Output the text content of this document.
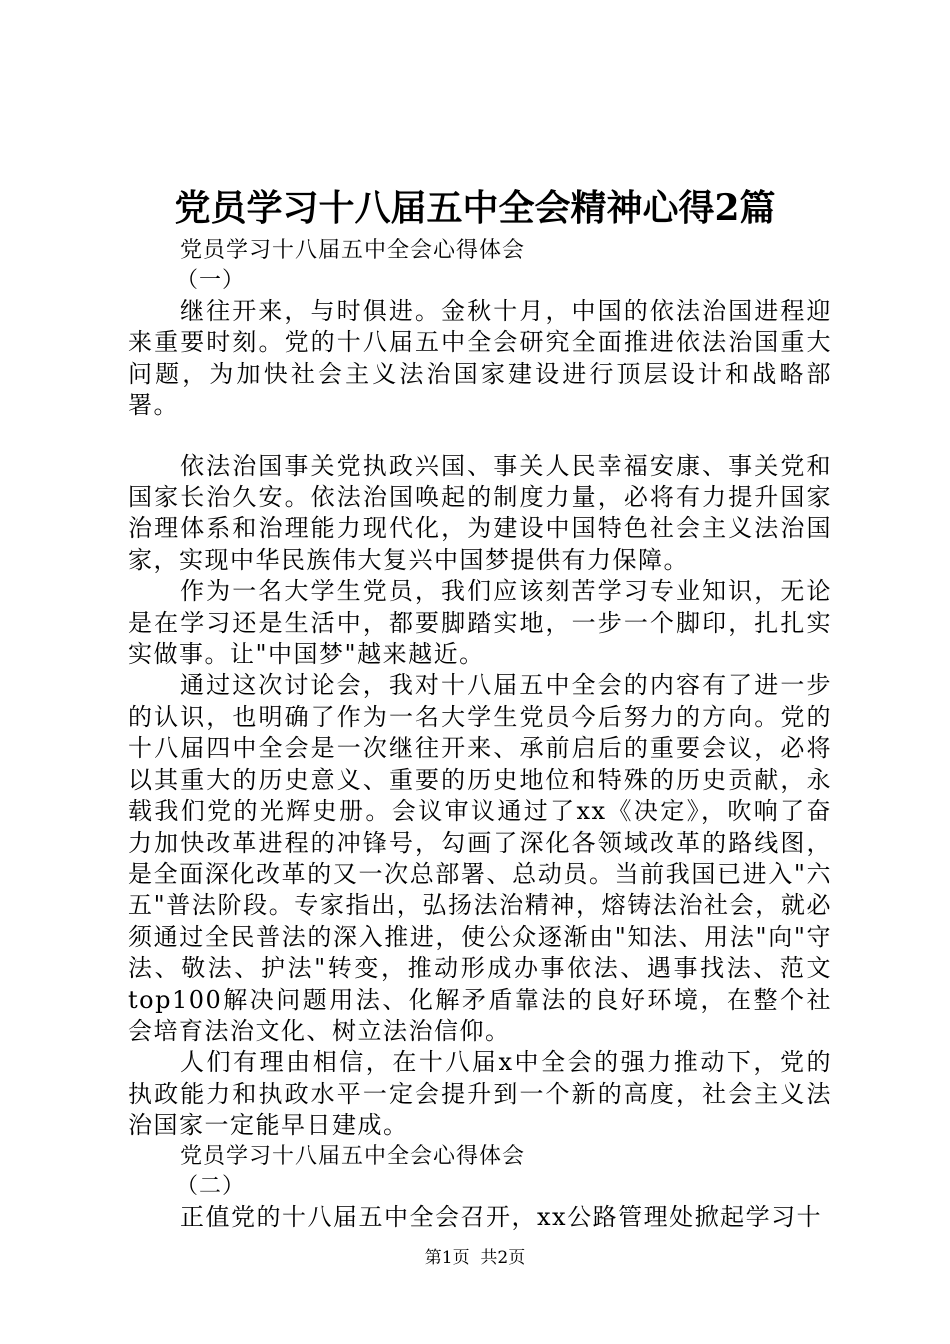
党员学习十八届五中全会精神心得2篇

党员学习十八届五中全会心得体会

（一）

继往开来，与时俱进。金秋十月，中国的依法治国进程迎来重要时刻。党的十八届五中全会研究全面推进依法治国重大问题，为加快社会主义法治国家建设进行顶层设计和战略部署。

依法治国事关党执政兴国、事关人民幸福安康、事关党和国家长治久安。依法治国唤起的制度力量，必将有力提升国家治理体系和治理能力现代化，为建设中国特色社会主义法治国家，实现中华民族伟大复兴中国梦提供有力保障。

作为一名大学生党员，我们应该刻苦学习专业知识，无论是在学习还是生活中，都要脚踏实地，一步一个脚印，扎扎实实做事。让"中国梦"越来越近。

通过这次讨论会，我对十八届五中全会的内容有了进一步的认识，也明确了作为一名大学生党员今后努力的方向。党的十八届四中全会是一次继往开来、承前启后的重要会议，必将以其重大的历史意义、重要的历史地位和特殊的历史贡献，永载我们党的光辉史册。会议审议通过了xx《决定》，吹响了奋力加快改革进程的冲锋号，勾画了深化各领域改革的路线图，是全面深化改革的又一次总部署、总动员。当前我国已进入"六五"普法阶段。专家指出，弘扬法治精神，熔铸法治社会，就必须通过全民普法的深入推进，使公众逐渐由"知法、用法"向"守法、敬法、护法"转变，推动形成办事依法、遇事找法、范文top100解决问题用法、化解矛盾靠法的良好环境，在整个社会培育法治文化、树立法治信仰。

人们有理由相信，在十八届x中全会的强力推动下，党的执政能力和执政水平一定会提升到一个新的高度，社会主义法治国家一定能早日建成。

党员学习十八届五中全会心得体会

（二）

正值党的十八届五中全会召开，xx公路管理处掀起学习十

第1页  共2页
